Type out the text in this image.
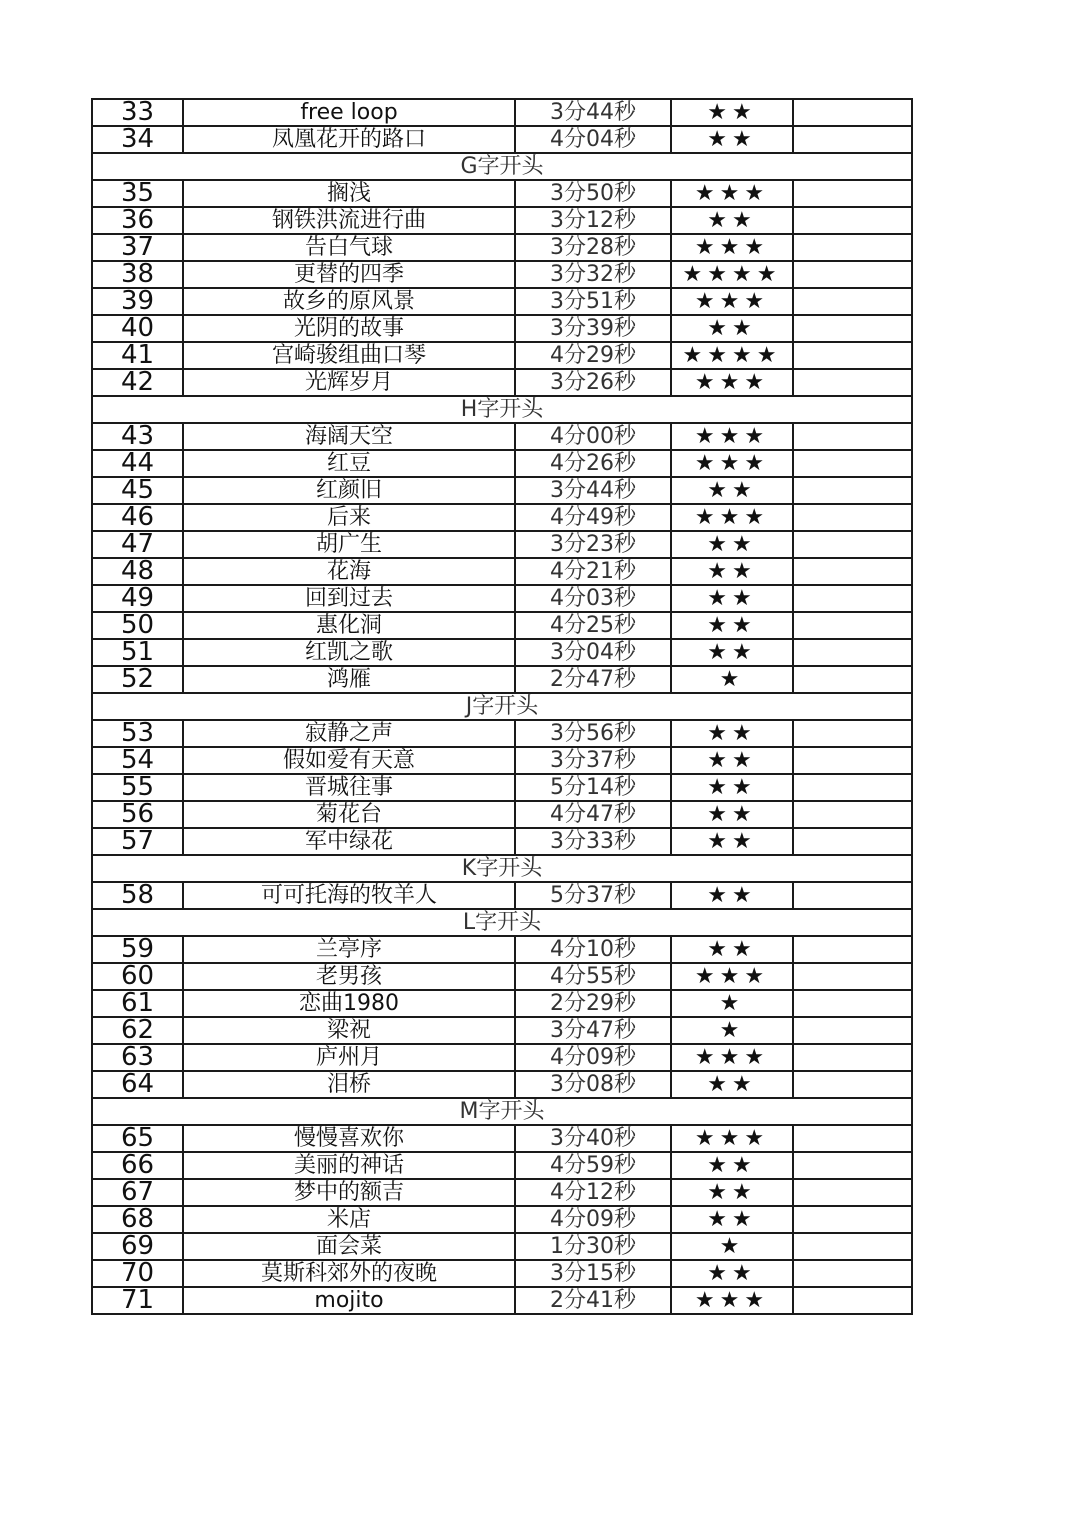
33	free loop	3分44秒	★★	
34	凤凰花开的路口	4分04秒	★★	
G字开头				
35	搁浅	3分50秒	★★★	
36	钢铁洪流进行曲	3分12秒	★★	
37	告白气球	3分28秒	★★★	
38	更替的四季	3分32秒	★★★★	
39	故乡的原风景	3分51秒	★★★	
40	光阴的故事	3分39秒	★★	
41	宫崎骏组曲口琴	4分29秒	★★★★	
42	光辉岁月	3分26秒	★★★	
H字开头				
43	海阔天空	4分00秒	★★★	
44	红豆	4分26秒	★★★	
45	红颜旧	3分44秒	★★	
46	后来	4分49秒	★★★	
47	胡广生	3分23秒	★★	
48	花海	4分21秒	★★	
49	回到过去	4分03秒	★★	
50	惠化洞	4分25秒	★★	
51	红凯之歌	3分04秒	★★	
52	鸿雁	2分47秒	★	
J字开头				
53	寂静之声	3分56秒	★★	
54	假如爱有天意	3分37秒	★★	
55	晋城往事	5分14秒	★★	
56	菊花台	4分47秒	★★	
57	军中绿花	3分33秒	★★	
K字开头				
58	可可托海的牧羊人	5分37秒	★★	
L字开头				
59	兰亭序	4分10秒	★★	
60	老男孩	4分55秒	★★★	
61	恋曲1980	2分29秒	★	
62	梁祝	3分47秒	★	
63	庐州月	4分09秒	★★★	
64	泪桥	3分08秒	★★	
M字开头				
65	慢慢喜欢你	3分40秒	★★★	
66	美丽的神话	4分59秒	★★	
67	梦中的额吉	4分12秒	★★	
68	米店	4分09秒	★★	
69	面会菜	1分30秒	★	
70	莫斯科郊外的夜晚	3分15秒	★★	
71	mojito	2分41秒	★★★	
